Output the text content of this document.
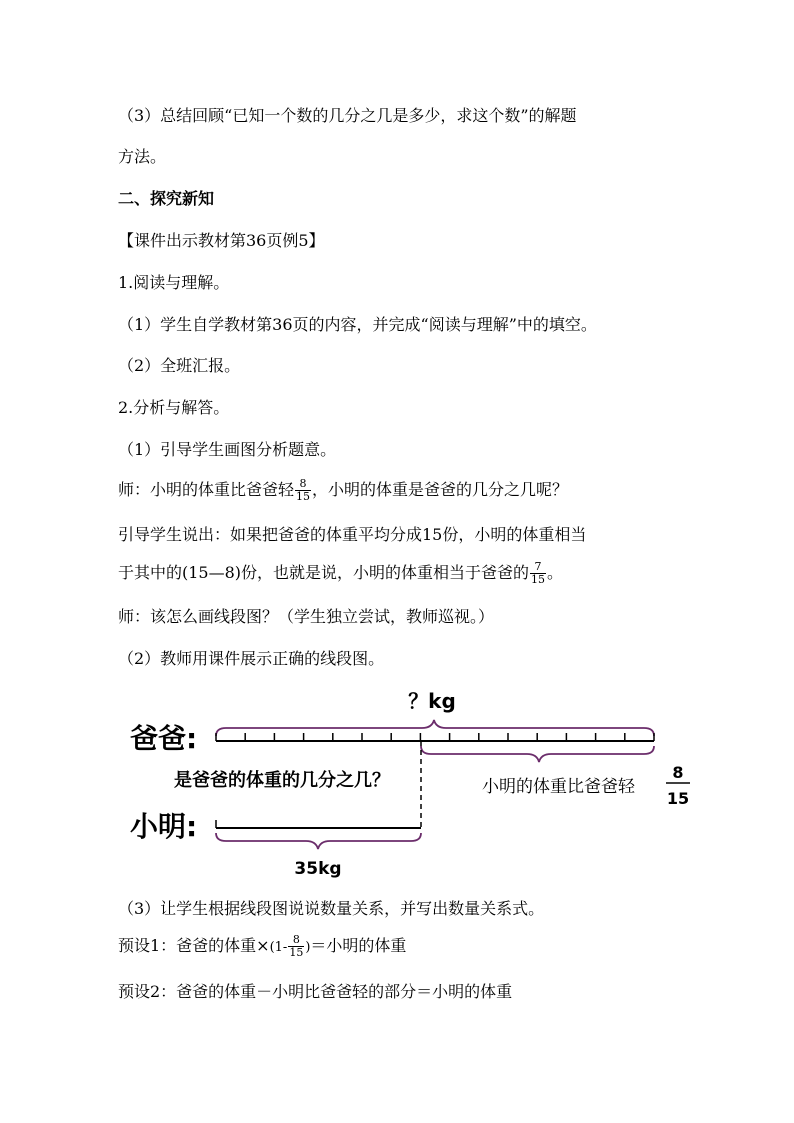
（3）总结回顾“已知一个数的几分之几是多少，求这个数”的解题
方法。
二、探究新知
【课件出示教材第36页例5】
1.阅读与理解。
（1）学生自学教材第36页的内容，并完成“阅读与理解”中的填空。
（2）全班汇报。
2.分析与解答。
（1）引导学生画图分析题意。
师：小明的体重比爸爸轻 $\frac{8}{15}$ ，小明的体重是爸爸的几分之几呢？
引导学生说出：如果把爸爸的体重平均分成15份，小明的体重相当
于其中的(15—8)份，也就是说，小明的体重相当于爸爸的 $\frac{7}{15}$ 。
师：该怎么画线段图？（学生独立尝试，教师巡视。）
（2）教师用课件展示正确的线段图。
？kg
爸爸:
是爸爸的体重的几分之几？	小明的体重比爸爸轻
8
15
小明:
35kg
（3）让学生根据线段图说说数量关系，并写出数量关系式。
预设1：爸爸的体重$\times(1- \frac{8}{15}$ )＝小明的体重
预设2：爸爸的体重－小明比爸爸轻的部分＝小明的体重
